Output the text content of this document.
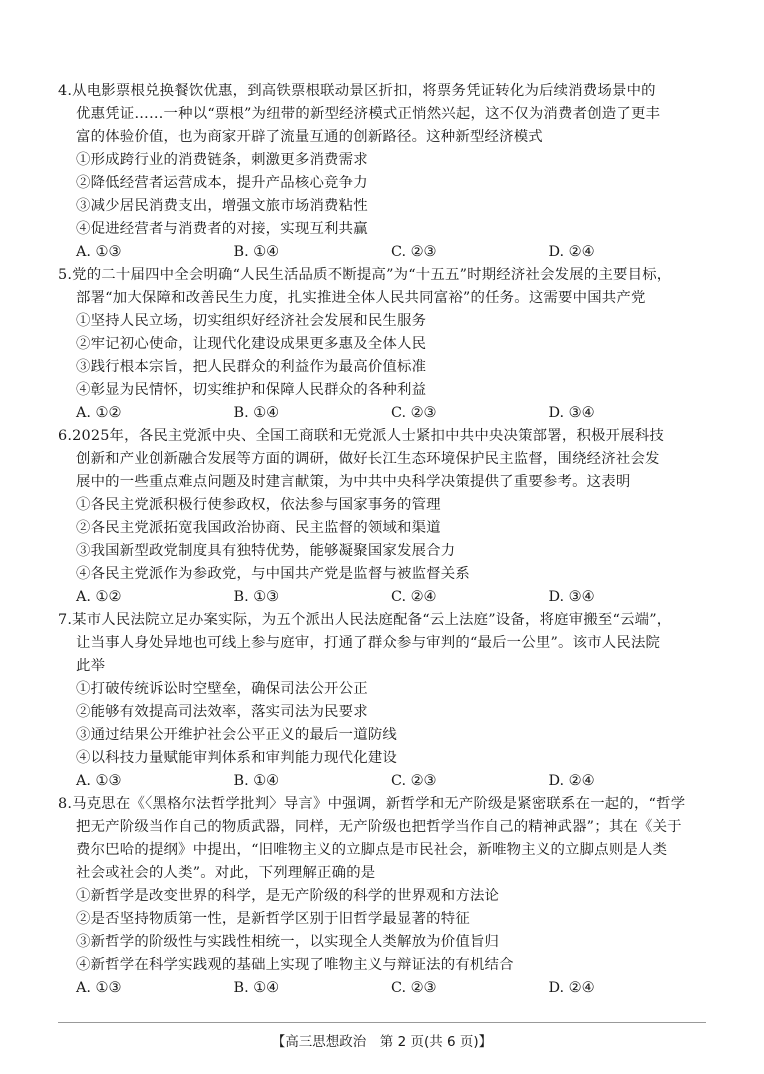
4.从电影票根兑换餐饮优惠，到高铁票根联动景区折扣，将票务凭证转化为后续消费场景中的
优惠凭证……一种以“票根”为纽带的新型经济模式正悄然兴起，这不仅为消费者创造了更丰
富的体验价值，也为商家开辟了流量互通的创新路径。这种新型经济模式
①形成跨行业的消费链条，刺激更多消费需求
②降低经营者运营成本，提升产品核心竞争力
③减少居民消费支出，增强文旅市场消费粘性
④促进经营者与消费者的对接，实现互利共赢
A. ①③	B. ①④	C. ②③	D. ②④
5.党的二十届四中全会明确“人民生活品质不断提高”为“十五五”时期经济社会发展的主要目标，
部署“加大保障和改善民生力度，扎实推进全体人民共同富裕”的任务。这需要中国共产党
①坚持人民立场，切实组织好经济社会发展和民生服务
②牢记初心使命，让现代化建设成果更多惠及全体人民
③践行根本宗旨，把人民群众的利益作为最高价值标准
④彰显为民情怀，切实维护和保障人民群众的各种利益
A. ①②	B. ①④	C. ②③	D. ③④
6.2025年，各民主党派中央、全国工商联和无党派人士紧扣中共中央决策部署，积极开展科技
创新和产业创新融合发展等方面的调研，做好长江生态环境保护民主监督，围绕经济社会发
展中的一些重点难点问题及时建言献策，为中共中央科学决策提供了重要参考。这表明
①各民主党派积极行使参政权，依法参与国家事务的管理
②各民主党派拓宽我国政治协商、民主监督的领域和渠道
③我国新型政党制度具有独特优势，能够凝聚国家发展合力
④各民主党派作为参政党，与中国共产党是监督与被监督关系
A. ①②	B. ①③	C. ②④	D. ③④
7.某市人民法院立足办案实际，为五个派出人民法庭配备“云上法庭”设备，将庭审搬至“云端”，
让当事人身处异地也可线上参与庭审，打通了群众参与审判的“最后一公里”。该市人民法院
此举
①打破传统诉讼时空壁垒，确保司法公开公正
②能够有效提高司法效率，落实司法为民要求
③通过结果公开维护社会公平正义的最后一道防线
④以科技力量赋能审判体系和审判能力现代化建设
A. ①③	B. ①④	C. ②③	D. ②④
8.马克思在《〈黑格尔法哲学批判〉导言》中强调，新哲学和无产阶级是紧密联系在一起的，“哲学
把无产阶级当作自己的物质武器，同样，无产阶级也把哲学当作自己的精神武器”；其在《关于
费尔巴哈的提纲》中提出，“旧唯物主义的立脚点是市民社会，新唯物主义的立脚点则是人类
社会或社会的人类”。对此，下列理解正确的是
①新哲学是改变世界的科学，是无产阶级的科学的世界观和方法论
②是否坚持物质第一性，是新哲学区别于旧哲学最显著的特征
③新哲学的阶级性与实践性相统一，以实现全人类解放为价值旨归
④新哲学在科学实践观的基础上实现了唯物主义与辩证法的有机结合
A. ①③	B. ①④	C. ②③	D. ②④
【高三思想政治　第 2 页(共 6 页)】
